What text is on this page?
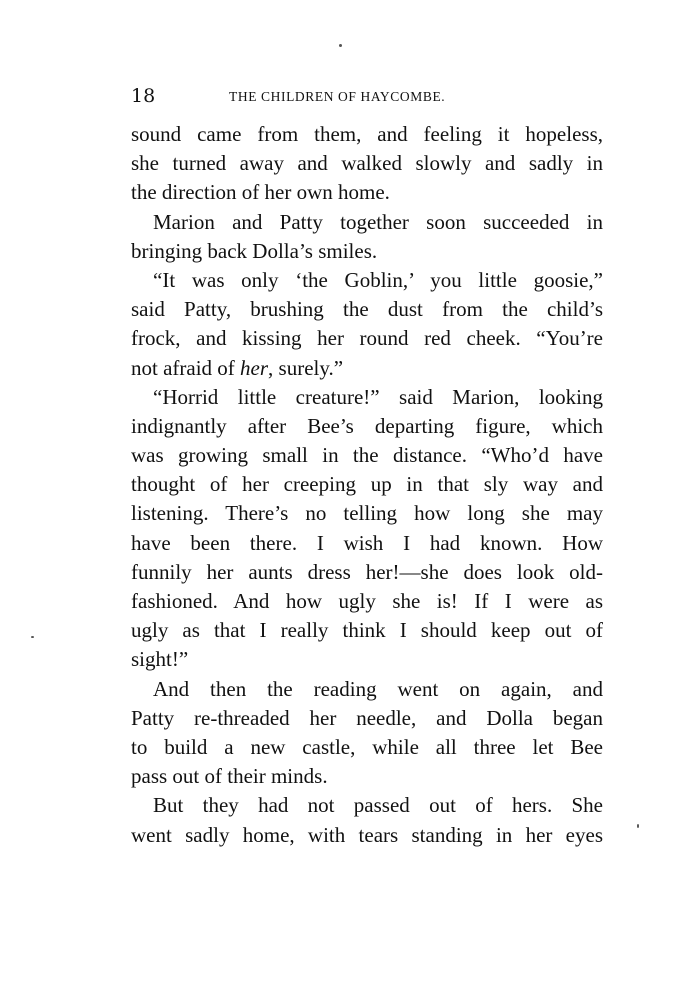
18	THE CHILDREN OF HAYCOMBE.
sound came from them, and feeling it hopeless,
she turned away and walked slowly and sadly in
the direction of her own home.
Marion and Patty together soon succeeded in
bringing back Dolla’s smiles.
“It was only ‘the Goblin,’ you little goosie,”
said Patty, brushing the dust from the child’s
frock, and kissing her round red cheek. “You’re
not afraid of her, surely.”
“Horrid little creature!” said Marion, looking
indignantly after Bee’s departing figure, which
was growing small in the distance. “Who’d have
thought of her creeping up in that sly way and
listening. There’s no telling how long she may
have been there. I wish I had known. How
funnily her aunts dress her!—she does look old-
fashioned. And how ugly she is! If I were as
ugly as that I really think I should keep out of
sight!”
And then the reading went on again, and
Patty re-threaded her needle, and Dolla began
to build a new castle, while all three let Bee
pass out of their minds.
But they had not passed out of hers. She
went sadly home, with tears standing in her eyes
